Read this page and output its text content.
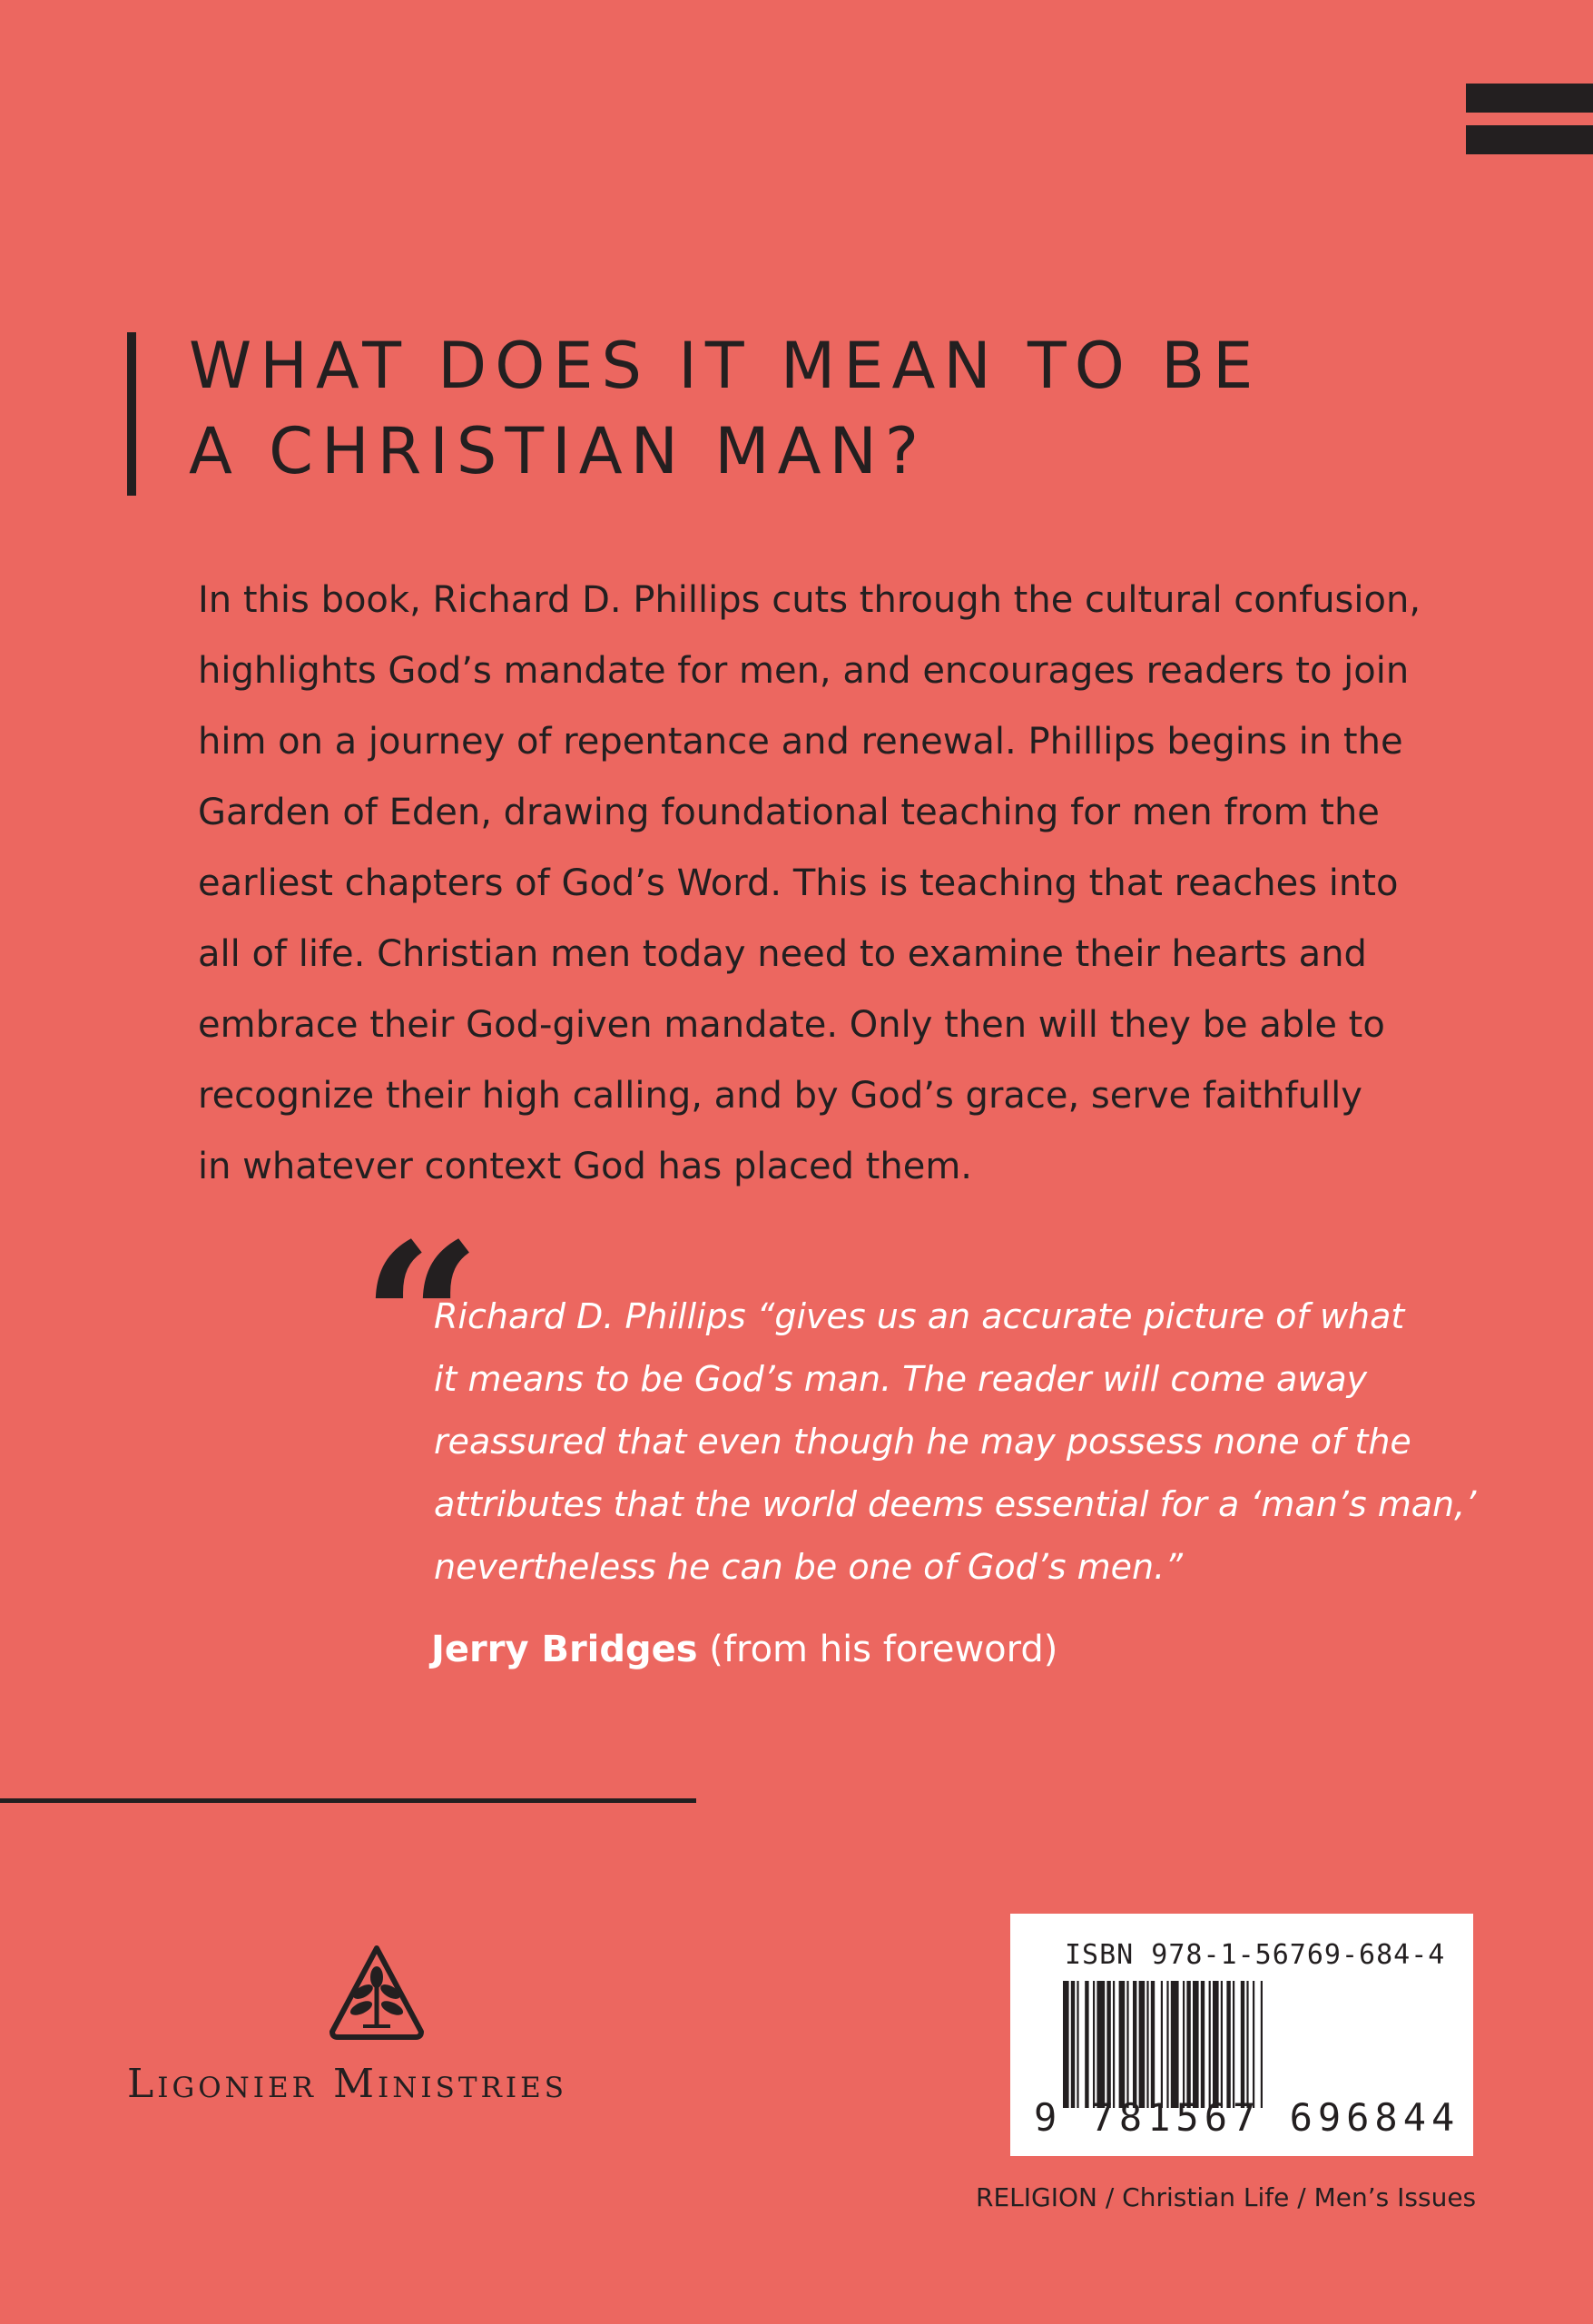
WHAT DOES IT MEAN TO BE
A CHRISTIAN MAN?

In this book, Richard D. Phillips cuts through the cultural confusion,
highlights God’s mandate for men, and encourages readers to join
him on a journey of repentance and renewal. Phillips begins in the
Garden of Eden, drawing foundational teaching for men from the
earliest chapters of God’s Word. This is teaching that reaches into
all of life. Christian men today need to examine their hearts and
embrace their God-given mandate. Only then will they be able to
recognize their high calling, and by God’s grace, serve faithfully
in whatever context God has placed them.

“

Richard D. Phillips “gives us an accurate picture of what
it means to be God’s man. The reader will come away
reassured that even though he may possess none of the
attributes that the world deems essential for a ‘man’s man,’
nevertheless he can be one of God’s men.”

Jerry Bridges (from his foreword)
Ligonier Ministries
ISBN 978-1-56769-684-4
9 781567 696844
RELIGION / Christian Life / Men’s Issues
